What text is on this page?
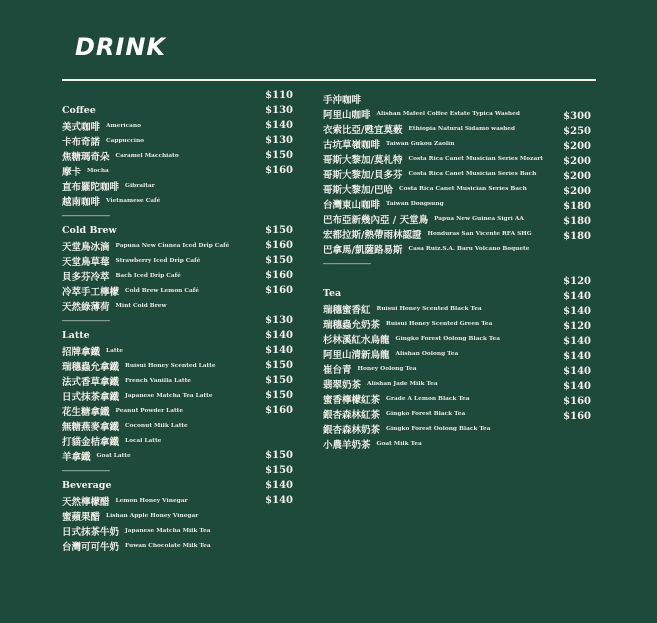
DRINK
Coffee
美式咖啡 Americano
卡布奇諾 Cappuccino
焦糖瑪奇朵 Caramel Macchiato
摩卡 Mocha
直布羅陀咖啡 Gibraltar
越南咖啡 Vietnamese Café
———————————
Cold Brew
天堂鳥冰滴 Papuna New Ciunea Iced Drip Café
天堂鳥草莓 Strawberry Iced Drip Café
貝多芬冷萃 Bach Iced Drip Café
冷萃手工檸檬 Cold Brew Lemon Café
天然綠薄荷 Mint Cold Brew
———————————
Latte
招牌拿鐵 Latte
瑞穗蟲允拿鐵 Ruisui Honey Scented Latte
法式香草拿鐵 French Vanilla Latte
日式抹茶拿鐵 Japanese Matcha Tea Latte
花生糖拿鐵 Peanut Powder Latte
無糖燕麥拿鐵 Coconut Milk Latte
打貓金桔拿鐵 Local Latte
羊拿鐵 Goat Latte
———————————
Beverage
天然檸檬醋 Lemon Honey Vinegar
蜜蘋果醋 Lishan Apple Honey Vinegar
日式抹茶牛奶 Japanese Matcha Milk Tea
台灣可可牛奶 Fuwan Chocolate Milk Tea
$110
$130
$140
$130
$150
$160
$150
$160
$150
$160
$160
$130
$140
$140
$150
$150
$150
$160
$150
$150
$140
$140
手沖咖啡
阿里山咖啡 Alishan Mafeel Coffee Estate Typica Washed
衣索比亞/甦宜莫薮 Ethiopia Natural Sidamo washed
古坑草嶺咖啡 Taiwan Gukou Zaolin
哥斯大黎加/莫札特 Costa Rica Canet Musician Series Mozart
哥斯大黎加/貝多芬 Costa Rica Canet Musician Series Bach
哥斯大黎加/巴哈 Costa Rica Canet Musician Series Bach
台灣東山咖啡 Taiwan Dongsung
巴布亞新幾內亞 / 天堂鳥 Papua New Guinea Sigri AA
宏都拉斯/熱帶雨林認證 Honduras San Vicente RFA SHG
巴拿馬/凱薩路易斯 Casa Ruiz.S.A. Baru Volcano Boquete
———————————
Tea
瑞穗蜜香紅 Ruisui Honey Scented Black Tea
瑞穗蟲允奶茶 Ruisui Honey Scented Green Tea
杉林溪紅水烏龍 Gingko Forest Oolong Black Tea
阿里山清新烏龍 Alishan Oolong Tea
崔台青 Honey Oolong Tea
翡翠奶茶 Alishan Jade Milk Tea
蜜香檸檬紅茶 Grade A Lemon Black Tea
銀杏森林紅茶 Gingko Forest Black Tea
銀杏森林奶茶 Gingko Forest Oolong Black Tea
小農羊奶茶 Goat Milk Tea
$300
$250
$200
$200
$200
$200
$180
$180
$180
$120
$140
$140
$120
$140
$140
$140
$140
$160
$160
